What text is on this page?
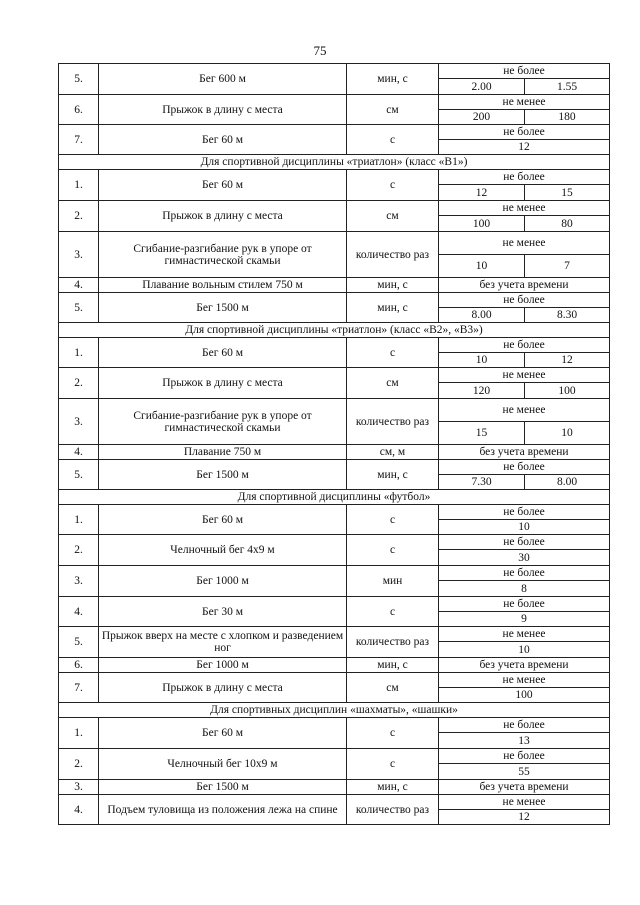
75
5.	Бег 600 м	мин, с	не более	
			2.00	1.55
6.	Прыжок в длину с места	см	не менее	
			200	180
7.	Бег 60 м	с	не более	
			12	
Для спортивной дисциплины «триатлон» (класс «В1»)				
1.	Бег 60 м	с	не более	
			12	15
2.	Прыжок в длину с места	см	не менее	
			100	80
3.	Сгибание-разгибание рук в упоре от гимнастической скамьи	количество раз	не менее	
			10	7
4.	Плавание вольным стилем 750 м	мин, с	без учета времени	
5.	Бег 1500 м	мин, с	не более	
			8.00	8.30
Для спортивной дисциплины «триатлон» (класс «В2», «В3»)				
1.	Бег 60 м	с	не более	
			10	12
2.	Прыжок в длину с места	см	не менее	
			120	100
3.	Сгибание-разгибание рук в упоре от гимнастической скамьи	количество раз	не менее	
			15	10
4.	Плавание 750 м	см, м	без учета времени	
5.	Бег 1500 м	мин, с	не более	
			7.30	8.00
Для спортивной дисциплины «футбол»				
1.	Бег 60 м	с	не более	
			10	
2.	Челночный бег 4х9 м	с	не более	
			30	
3.	Бег 1000 м	мин	не более	
			8	
4.	Бег 30 м	с	не более	
			9	
5.	Прыжок вверх на месте с хлопком и разведением ног	количество раз	не менее	
			10	
6.	Бег 1000 м	мин, с	без учета времени	
7.	Прыжок в длину с места	см	не менее	
			100	
Для спортивных дисциплин «шахматы», «шашки»				
1.	Бег 60 м	с	не более	
			13	
2.	Челночный бег 10х9 м	с	не более	
			55	
3.	Бег 1500 м	мин, с	без учета времени	
4.	Подъем туловища из положения лежа на спине	количество раз	не менее	
			12	
